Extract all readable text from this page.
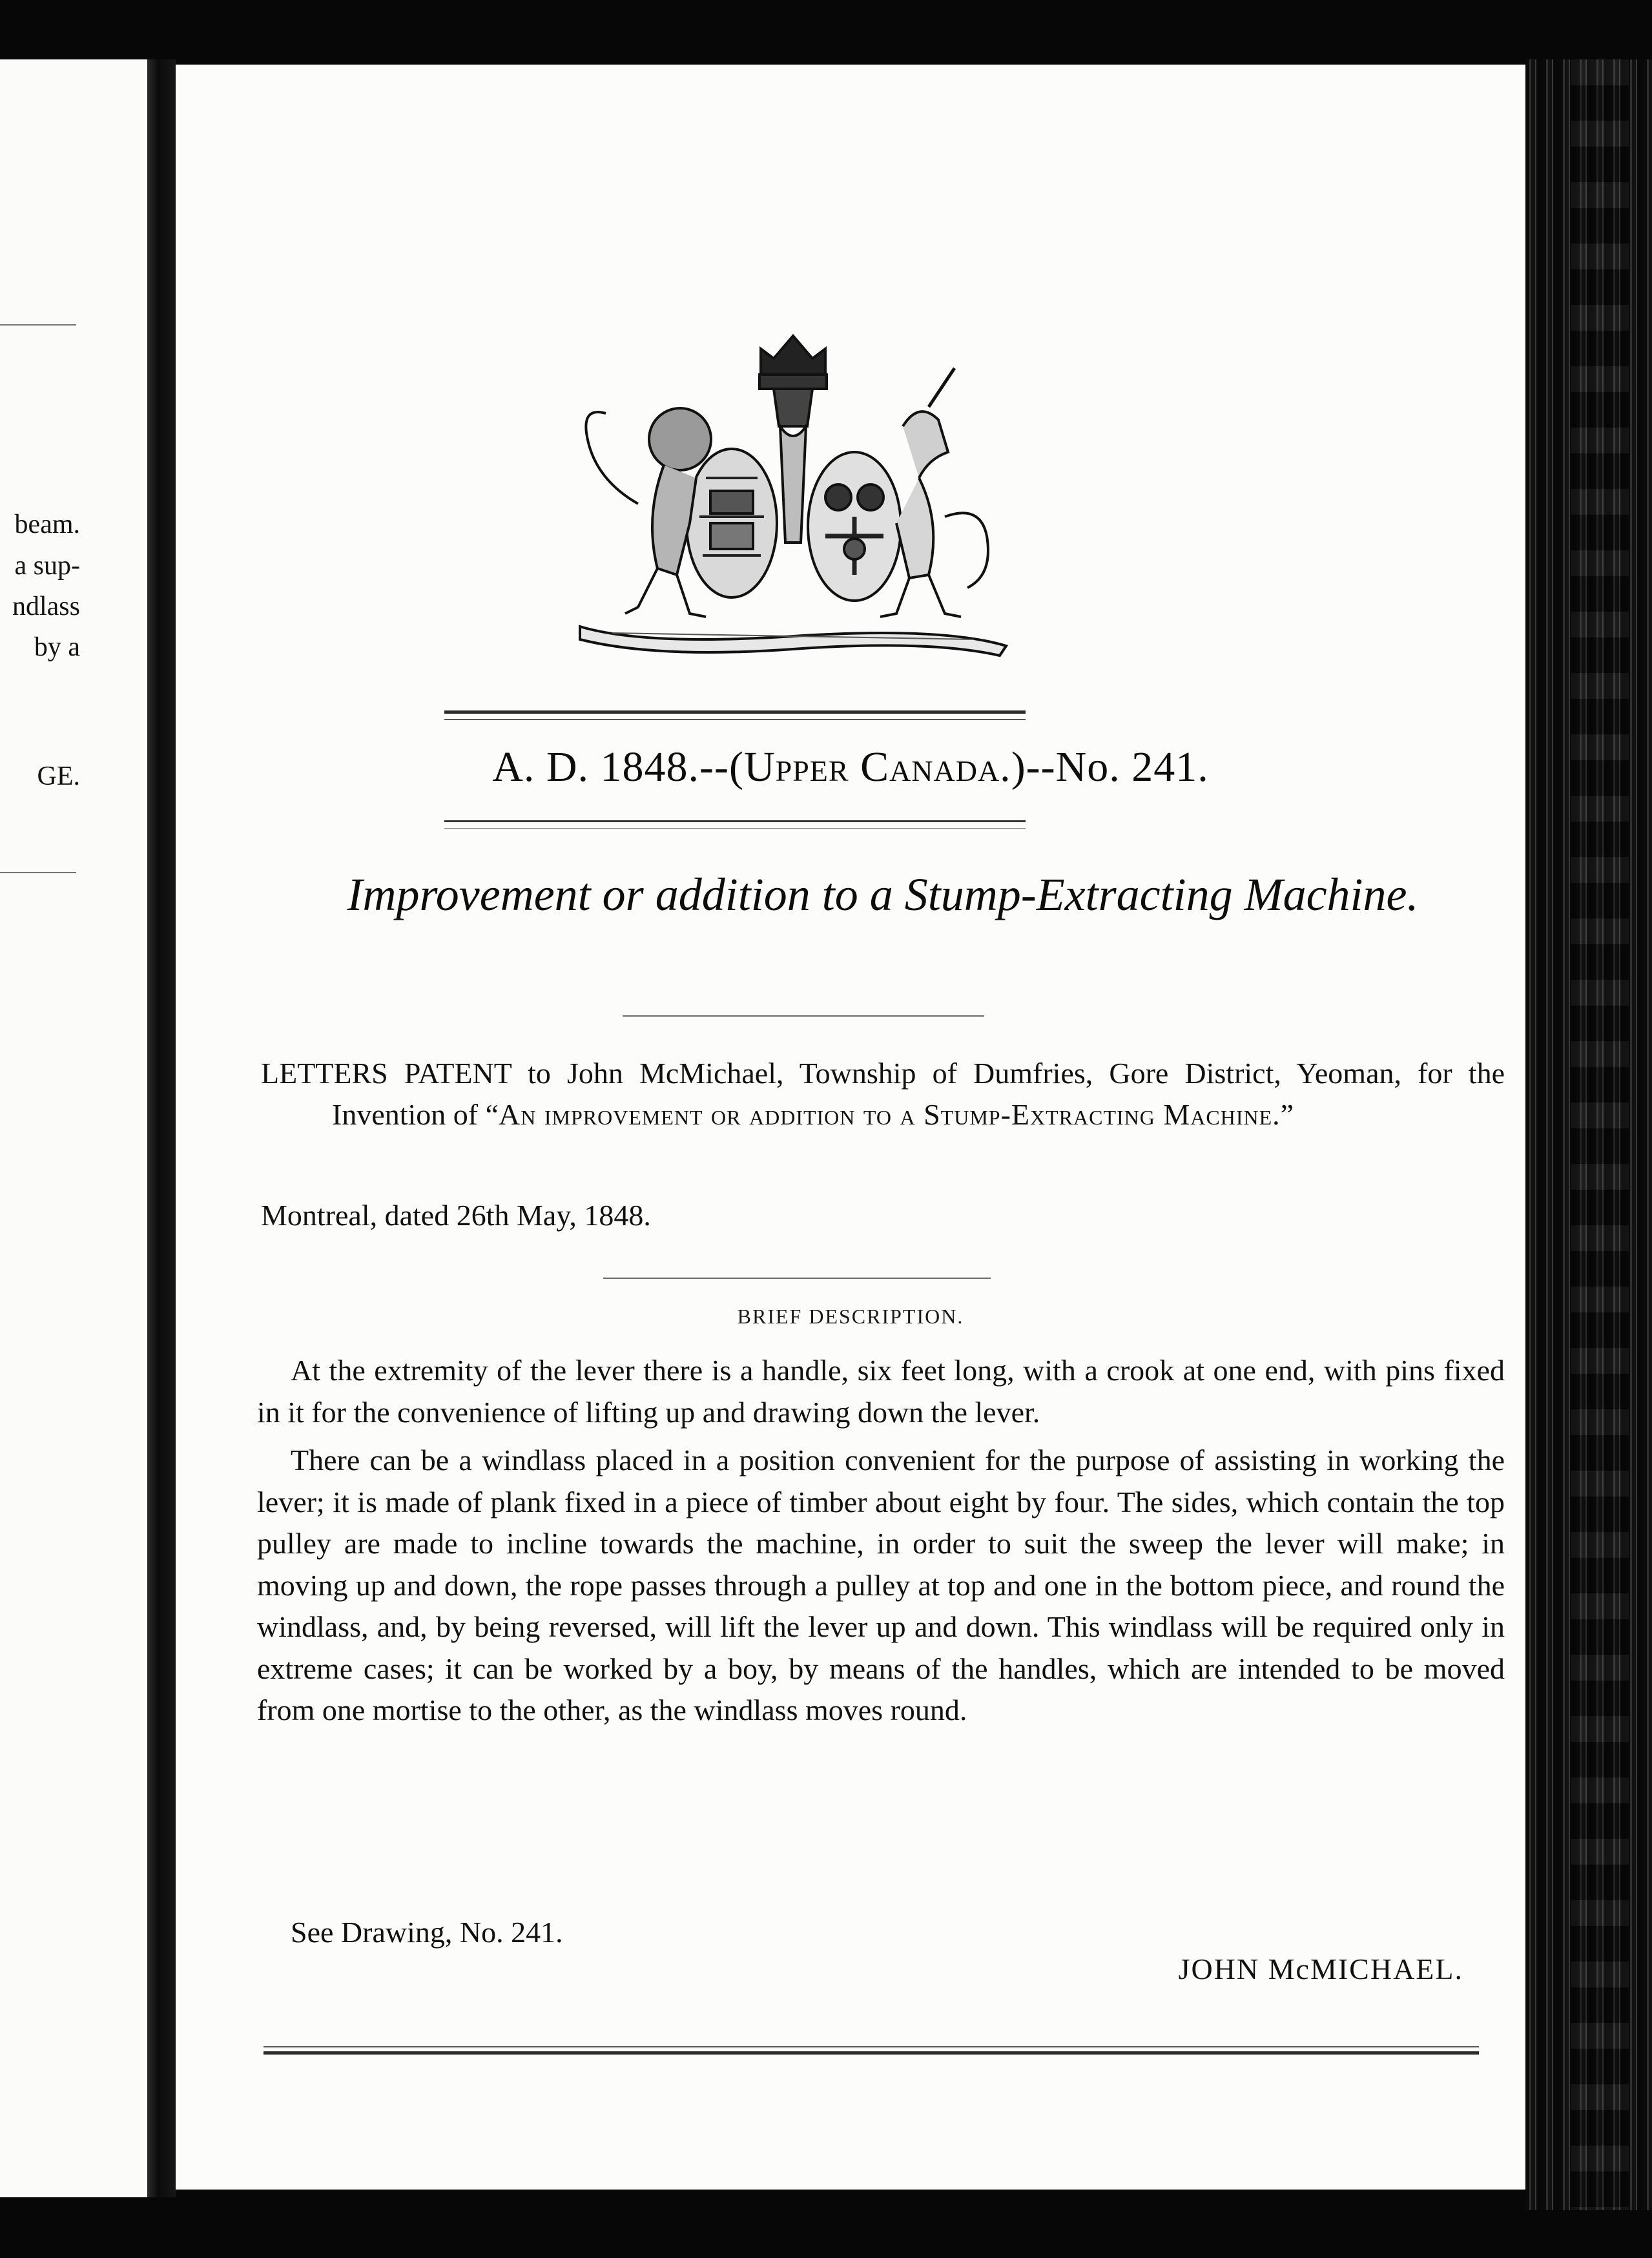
beam.
a sup-
ndlass
by a
GE.	A. D. 1848.--(Upper Canada.)--No. 241.
Improvement or addition to a Stump-Extracting Machine.
LETTERS PATENT to John McMichael, Township of Dumfries, Gore District, Yeoman, for the Invention of “An improvement or addition to a Stump-Extracting Machine.”
Montreal, dated 26th May, 1848.
BRIEF DESCRIPTION.

At the extremity of the lever there is a handle, six feet long, with a crook at one end, with pins fixed in it for the convenience of lifting up and drawing down the lever.

There can be a windlass placed in a position convenient for the purpose of assisting in working the lever; it is made of plank fixed in a piece of timber about eight by four. The sides, which contain the top pulley are made to incline towards the machine, in order to suit the sweep the lever will make; in moving up and down, the rope passes through a pulley at top and one in the bottom piece, and round the windlass, and, by being reversed, will lift the lever up and down. This windlass will be required only in extreme cases; it can be worked by a boy, by means of the handles, which are intended to be moved from one mortise to the other, as the windlass moves round.

See Drawing, No. 241.
JOHN McMICHAEL.
